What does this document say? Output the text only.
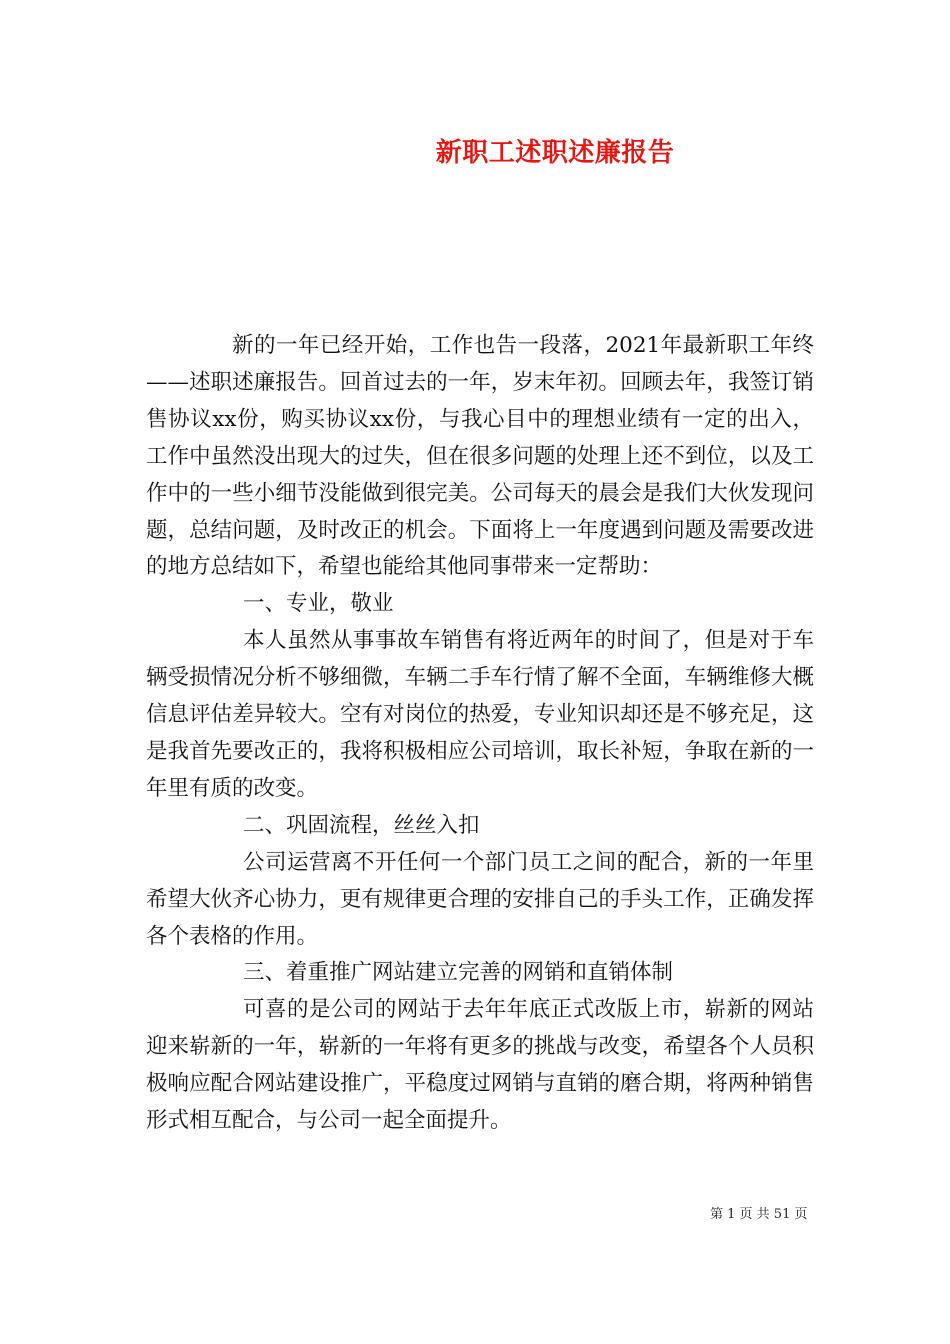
新职工述职述廉报告

新的一年已经开始，工作也告一段落，2021年最新职工年终——述职述廉报告。回首过去的一年，岁末年初。回顾去年，我签订销售协议xx份，购买协议xx份，与我心目中的理想业绩有一定的出入，工作中虽然没出现大的过失，但在很多问题的处理上还不到位，以及工作中的一些小细节没能做到很完美。公司每天的晨会是我们大伙发现问题，总结问题，及时改正的机会。下面将上一年度遇到问题及需要改进的地方总结如下，希望也能给其他同事带来一定帮助：

一、专业，敬业

本人虽然从事事故车销售有将近两年的时间了，但是对于车辆受损情况分析不够细微，车辆二手车行情了解不全面，车辆维修大概信息评估差异较大。空有对岗位的热爱，专业知识却还是不够充足，这是我首先要改正的，我将积极相应公司培训，取长补短，争取在新的一年里有质的改变。

二、巩固流程，丝丝入扣

公司运营离不开任何一个部门员工之间的配合，新的一年里希望大伙齐心协力，更有规律更合理的安排自己的手头工作，正确发挥各个表格的作用。

三、着重推广网站建立完善的网销和直销体制

可喜的是公司的网站于去年年底正式改版上市，崭新的网站迎来崭新的一年，崭新的一年将有更多的挑战与改变，希望各个人员积极响应配合网站建设推广，平稳度过网销与直销的磨合期，将两种销售形式相互配合，与公司一起全面提升。

第 1 页 共 51 页
